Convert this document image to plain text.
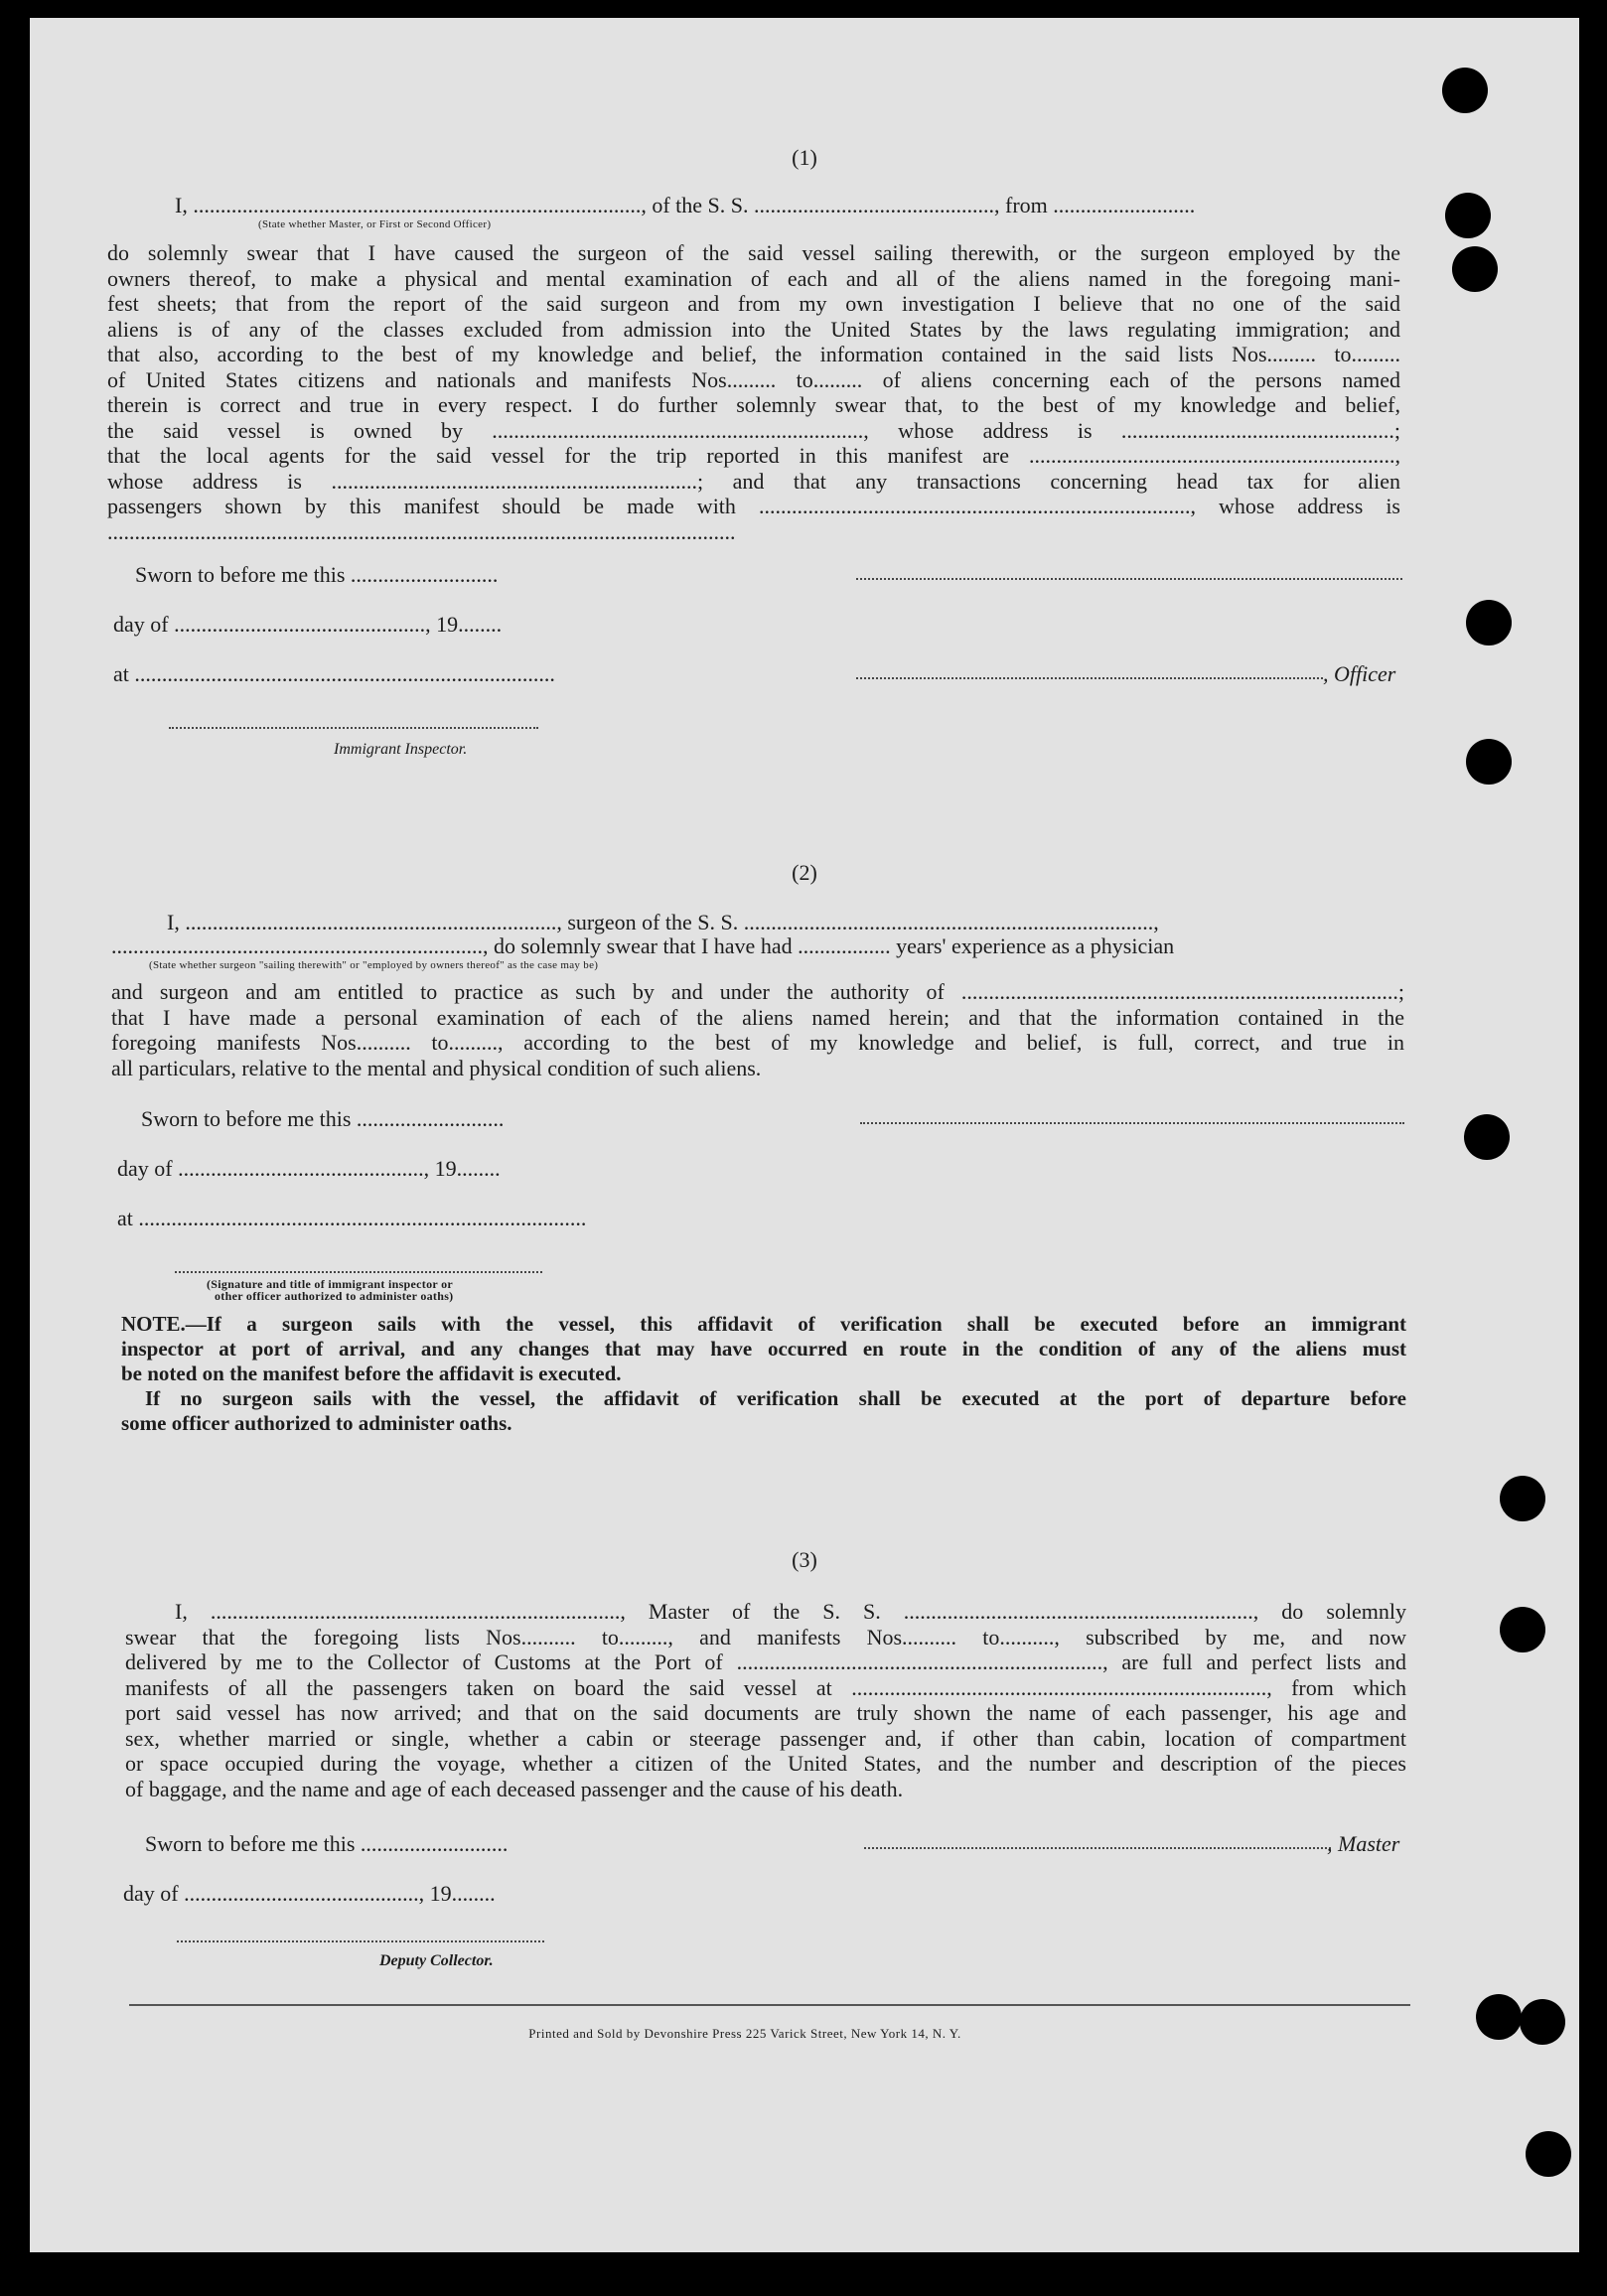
(1)
I, .................................................................................., of the S. S. ............................................, from ..........................
(State whether Master, or First or Second Officer)

do solemnly swear that I have caused the surgeon of the said vessel sailing therewith, or the surgeon employed by the

owners thereof, to make a physical and mental examination of each and all of the aliens named in the foregoing mani-

fest sheets; that from the report of the said surgeon and from my own investigation I believe that no one of the said

aliens is of any of the classes excluded from admission into the United States by the laws regulating immigration; and

that also, according to the best of my knowledge and belief, the information contained in the said lists Nos......... to.........

of United States citizens and nationals and manifests Nos......... to......... of aliens concerning each of the persons named

therein is correct and true in every respect. I do further solemnly swear that, to the best of my knowledge and belief,

the said vessel is owned by ...................................................................., whose address is ..................................................;

that the local agents for the said vessel for the trip reported in this manifest are ...................................................................,

whose address is ...................................................................; and that any transactions concerning head tax for alien

passengers shown by this manifest should be made with ..............................................................................., whose address is

...................................................................................................................

Sworn to before me this ...........................
day of .............................................., 19........
at .............................................................................	, Officer
Immigrant Inspector.
(2)
I, ...................................................................., surgeon of the S. S. ...........................................................................,
...................................................................., do solemnly swear that I have had ................. years' experience as a physician
(State whether surgeon "sailing therewith" or "employed by owners thereof" as the case may be)

and surgeon and am entitled to practice as such by and under the authority of ................................................................................;

that I have made a personal examination of each of the aliens named herein; and that the information contained in the

foregoing manifests Nos.......... to........., according to the best of my knowledge and belief, is full, correct, and true in

all particulars, relative to the mental and physical condition of such aliens.

Sworn to before me this ...........................
day of ............................................., 19........
at ..................................................................................
(Signature and title of immigrant inspector or
other officer authorized to administer oaths)

NOTE.—If a surgeon sails with the vessel, this affidavit of verification shall be executed before an immigrant

inspector at port of arrival, and any changes that may have occurred en route in the condition of any of the aliens must

be noted on the manifest before the affidavit is executed.

If no surgeon sails with the vessel, the affidavit of verification shall be executed at the port of departure before

some officer authorized to administer oaths.

(3)

I, ..........................................................................., Master of the S. S. ................................................................, do solemnly

swear that the foregoing lists Nos.......... to........., and manifests Nos.......... to.........., subscribed by me, and now

delivered by me to the Collector of Customs at the Port of ..................................................................., are full and perfect lists and

manifests of all the passengers taken on board the said vessel at ............................................................................, from which

port said vessel has now arrived; and that on the said documents are truly shown the name of each passenger, his age and

sex, whether married or single, whether a cabin or steerage passenger and, if other than cabin, location of compartment

or space occupied during the voyage, whether a citizen of the United States, and the number and description of the pieces

of baggage, and the name and age of each deceased passenger and the cause of his death.

Sworn to before me this ...........................	, Master
day of ..........................................., 19........
Deputy Collector.
Printed and Sold by Devonshire Press 225 Varick Street, New York 14, N. Y.
